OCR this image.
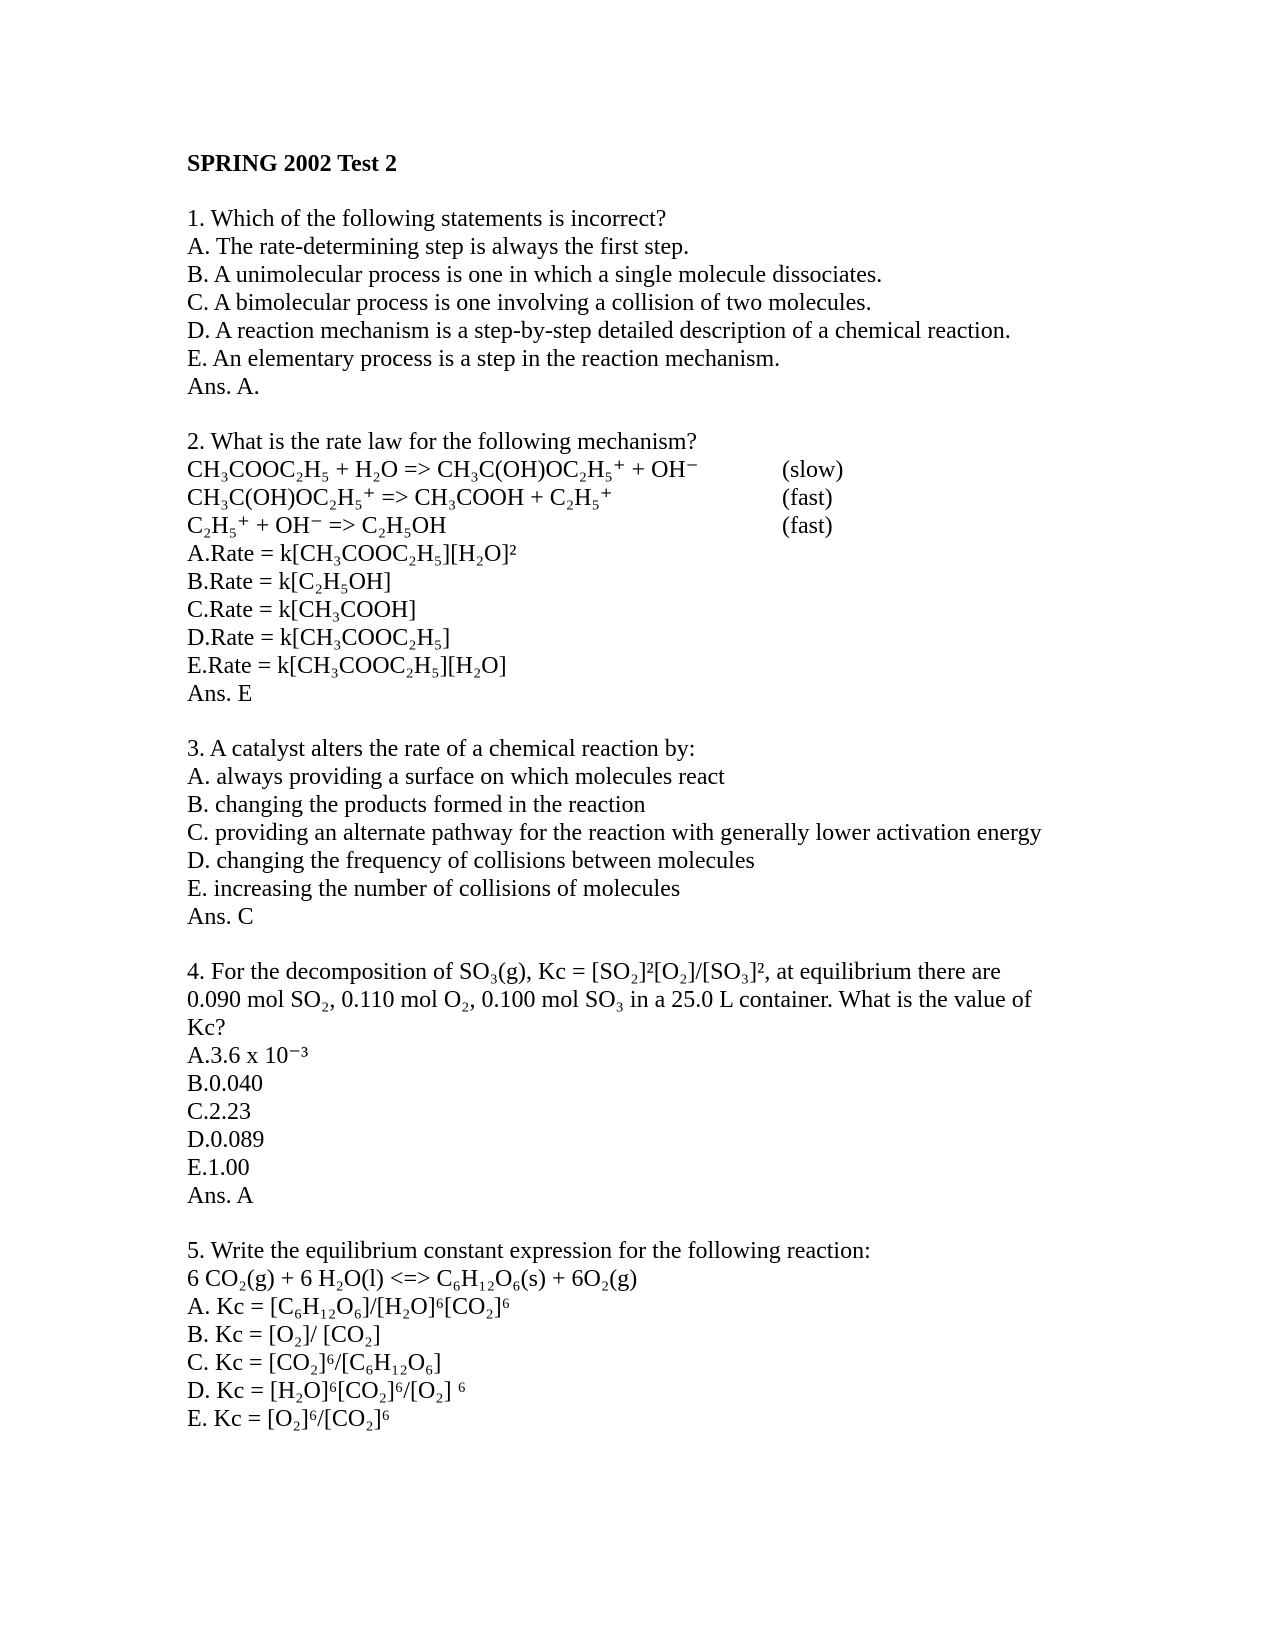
SPRING 2002 Test 2
1. Which of the following statements is incorrect?
A. The rate-determining step is always the first step.
B. A unimolecular process is one in which a single molecule dissociates.
C. A bimolecular process is one involving a collision of two molecules.
D. A reaction mechanism is a step-by-step detailed description of a chemical reaction.
E. An elementary process is a step in the reaction mechanism.
Ans. A.
2. What is the rate law for the following mechanism?
CH₃COOC₂H₅ + H₂O => CH₃C(OH)OC₂H₅⁺ + OH⁻	(slow)
CH₃C(OH)OC₂H₅⁺ => CH₃COOH + C₂H₅⁺	(fast)
C₂H₅⁺ + OH⁻ => C₂H₅OH	(fast)
A.Rate = k[CH₃COOC₂H₅][H₂O]²
B.Rate = k[C₂H₅OH]
C.Rate = k[CH₃COOH]
D.Rate = k[CH₃COOC₂H₅]
E.Rate = k[CH₃COOC₂H₅][H₂O]
Ans. E
3. A catalyst alters the rate of a chemical reaction by:
A. always providing a surface on which molecules react
B. changing the products formed in the reaction
C. providing an alternate pathway for the reaction with generally lower activation energy
D. changing the frequency of collisions between molecules
E. increasing the number of collisions of molecules
Ans. C
4. For the decomposition of SO₃(g), Kc = [SO₂]²[O₂]/[SO₃]², at equilibrium there are
0.090 mol SO₂, 0.110 mol O₂, 0.100 mol SO₃ in a 25.0 L container. What is the value of
Kc?
A.3.6 x 10⁻³
B.0.040
C.2.23
D.0.089
E.1.00
Ans. A
5. Write the equilibrium constant expression for the following reaction:
6 CO₂(g) + 6 H₂O(l) <=> C₆H₁₂O₆(s) + 6O₂(g)
A. Kc = [C₆H₁₂O₆]/[H₂O]⁶[CO₂]⁶
B. Kc = [O₂]/ [CO₂]
C. Kc = [CO₂]⁶/[C₆H₁₂O₆]
D. Kc = [H₂O]⁶[CO₂]⁶/[O₂] ⁶
E. Kc = [O₂]⁶/[CO₂]⁶
